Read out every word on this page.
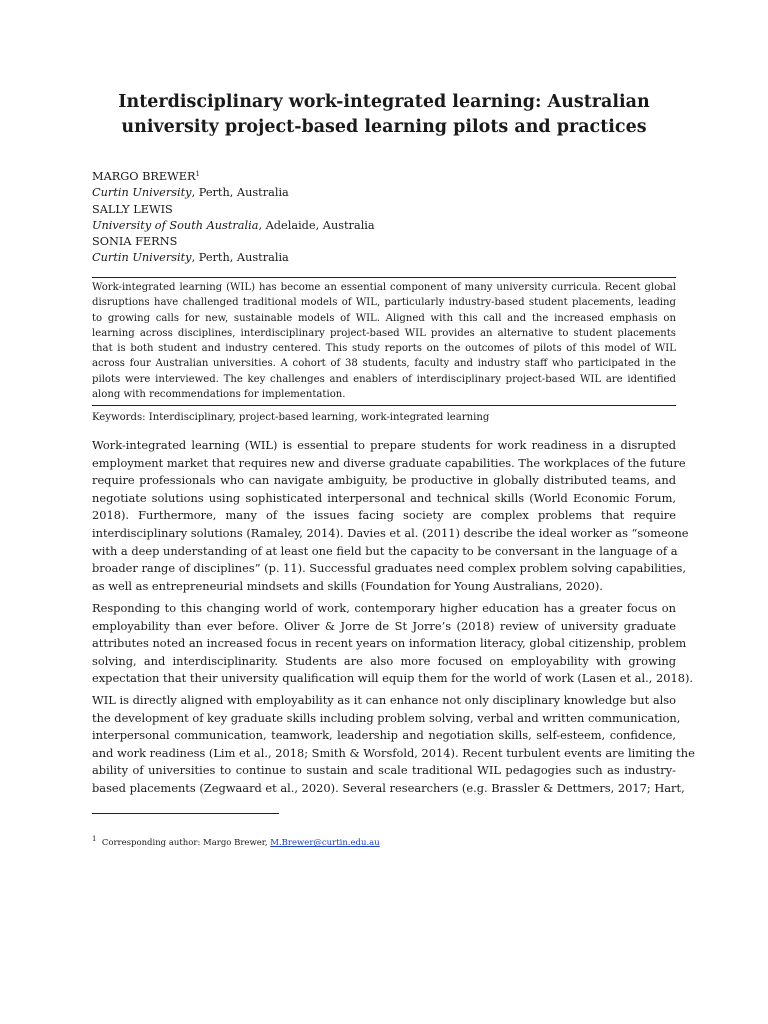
Interdisciplinary work-integrated learning: Australian
university project-based learning pilots and practices
MARGO BREWER$^1$
Curtin University, Perth, Australia
SALLY LEWIS
University of South Australia, Adelaide, Australia
SONIA FERNS
Curtin University, Perth, Australia
Work-integrated learning (WIL) has become an essential component of many university curricula. Recent global disruptions have challenged traditional models of WIL, particularly industry-based student placements, leading to growing calls for new, sustainable models of WIL. Aligned with this call and the increased emphasis on learning across disciplines, interdisciplinary project-based WIL provides an alternative to student placements that is both student and industry centered. This study reports on the outcomes of pilots of this model of WIL across four Australian universities. A cohort of 38 students, faculty and industry staff who participated in the pilots were interviewed. The key challenges and enablers of interdisciplinary project-based WIL are identified along with recommendations for implementation.
Keywords: Interdisciplinary, project-based learning, work-integrated learning
Work-integrated learning (WIL) is essential to prepare students for work readiness in a disrupted
employment market that requires new and diverse graduate capabilities. The workplaces of the future
require professionals who can navigate ambiguity, be productive in globally distributed teams, and
negotiate solutions using sophisticated interpersonal and technical skills (World Economic Forum,
2018). Furthermore, many of the issues facing society are complex problems that require
interdisciplinary solutions (Ramaley, 2014). Davies et al. (2011) describe the ideal worker as “someone
with a deep understanding of at least one field but the capacity to be conversant in the language of a
broader range of disciplines” (p. 11). Successful graduates need complex problem solving capabilities,
as well as entrepreneurial mindsets and skills (Foundation for Young Australians, 2020).
Responding to this changing world of work, contemporary higher education has a greater focus on
employability than ever before. Oliver & Jorre de St Jorre’s (2018) review of university graduate
attributes noted an increased focus in recent years on information literacy, global citizenship, problem
solving, and interdisciplinarity. Students are also more focused on employability with growing
expectation that their university qualification will equip them for the world of work (Lasen et al., 2018).
WIL is directly aligned with employability as it can enhance not only disciplinary knowledge but also
the development of key graduate skills including problem solving, verbal and written communication,
interpersonal communication, teamwork, leadership and negotiation skills, self-esteem, confidence,
and work readiness (Lim et al., 2018; Smith & Worsfold, 2014). Recent turbulent events are limiting the
ability of universities to continue to sustain and scale traditional WIL pedagogies such as industry-
based placements (Zegwaard et al., 2020). Several researchers (e.g. Brassler & Dettmers, 2017; Hart,
$^1$ Corresponding author: Margo Brewer, M.Brewer@curtin.edu.au
